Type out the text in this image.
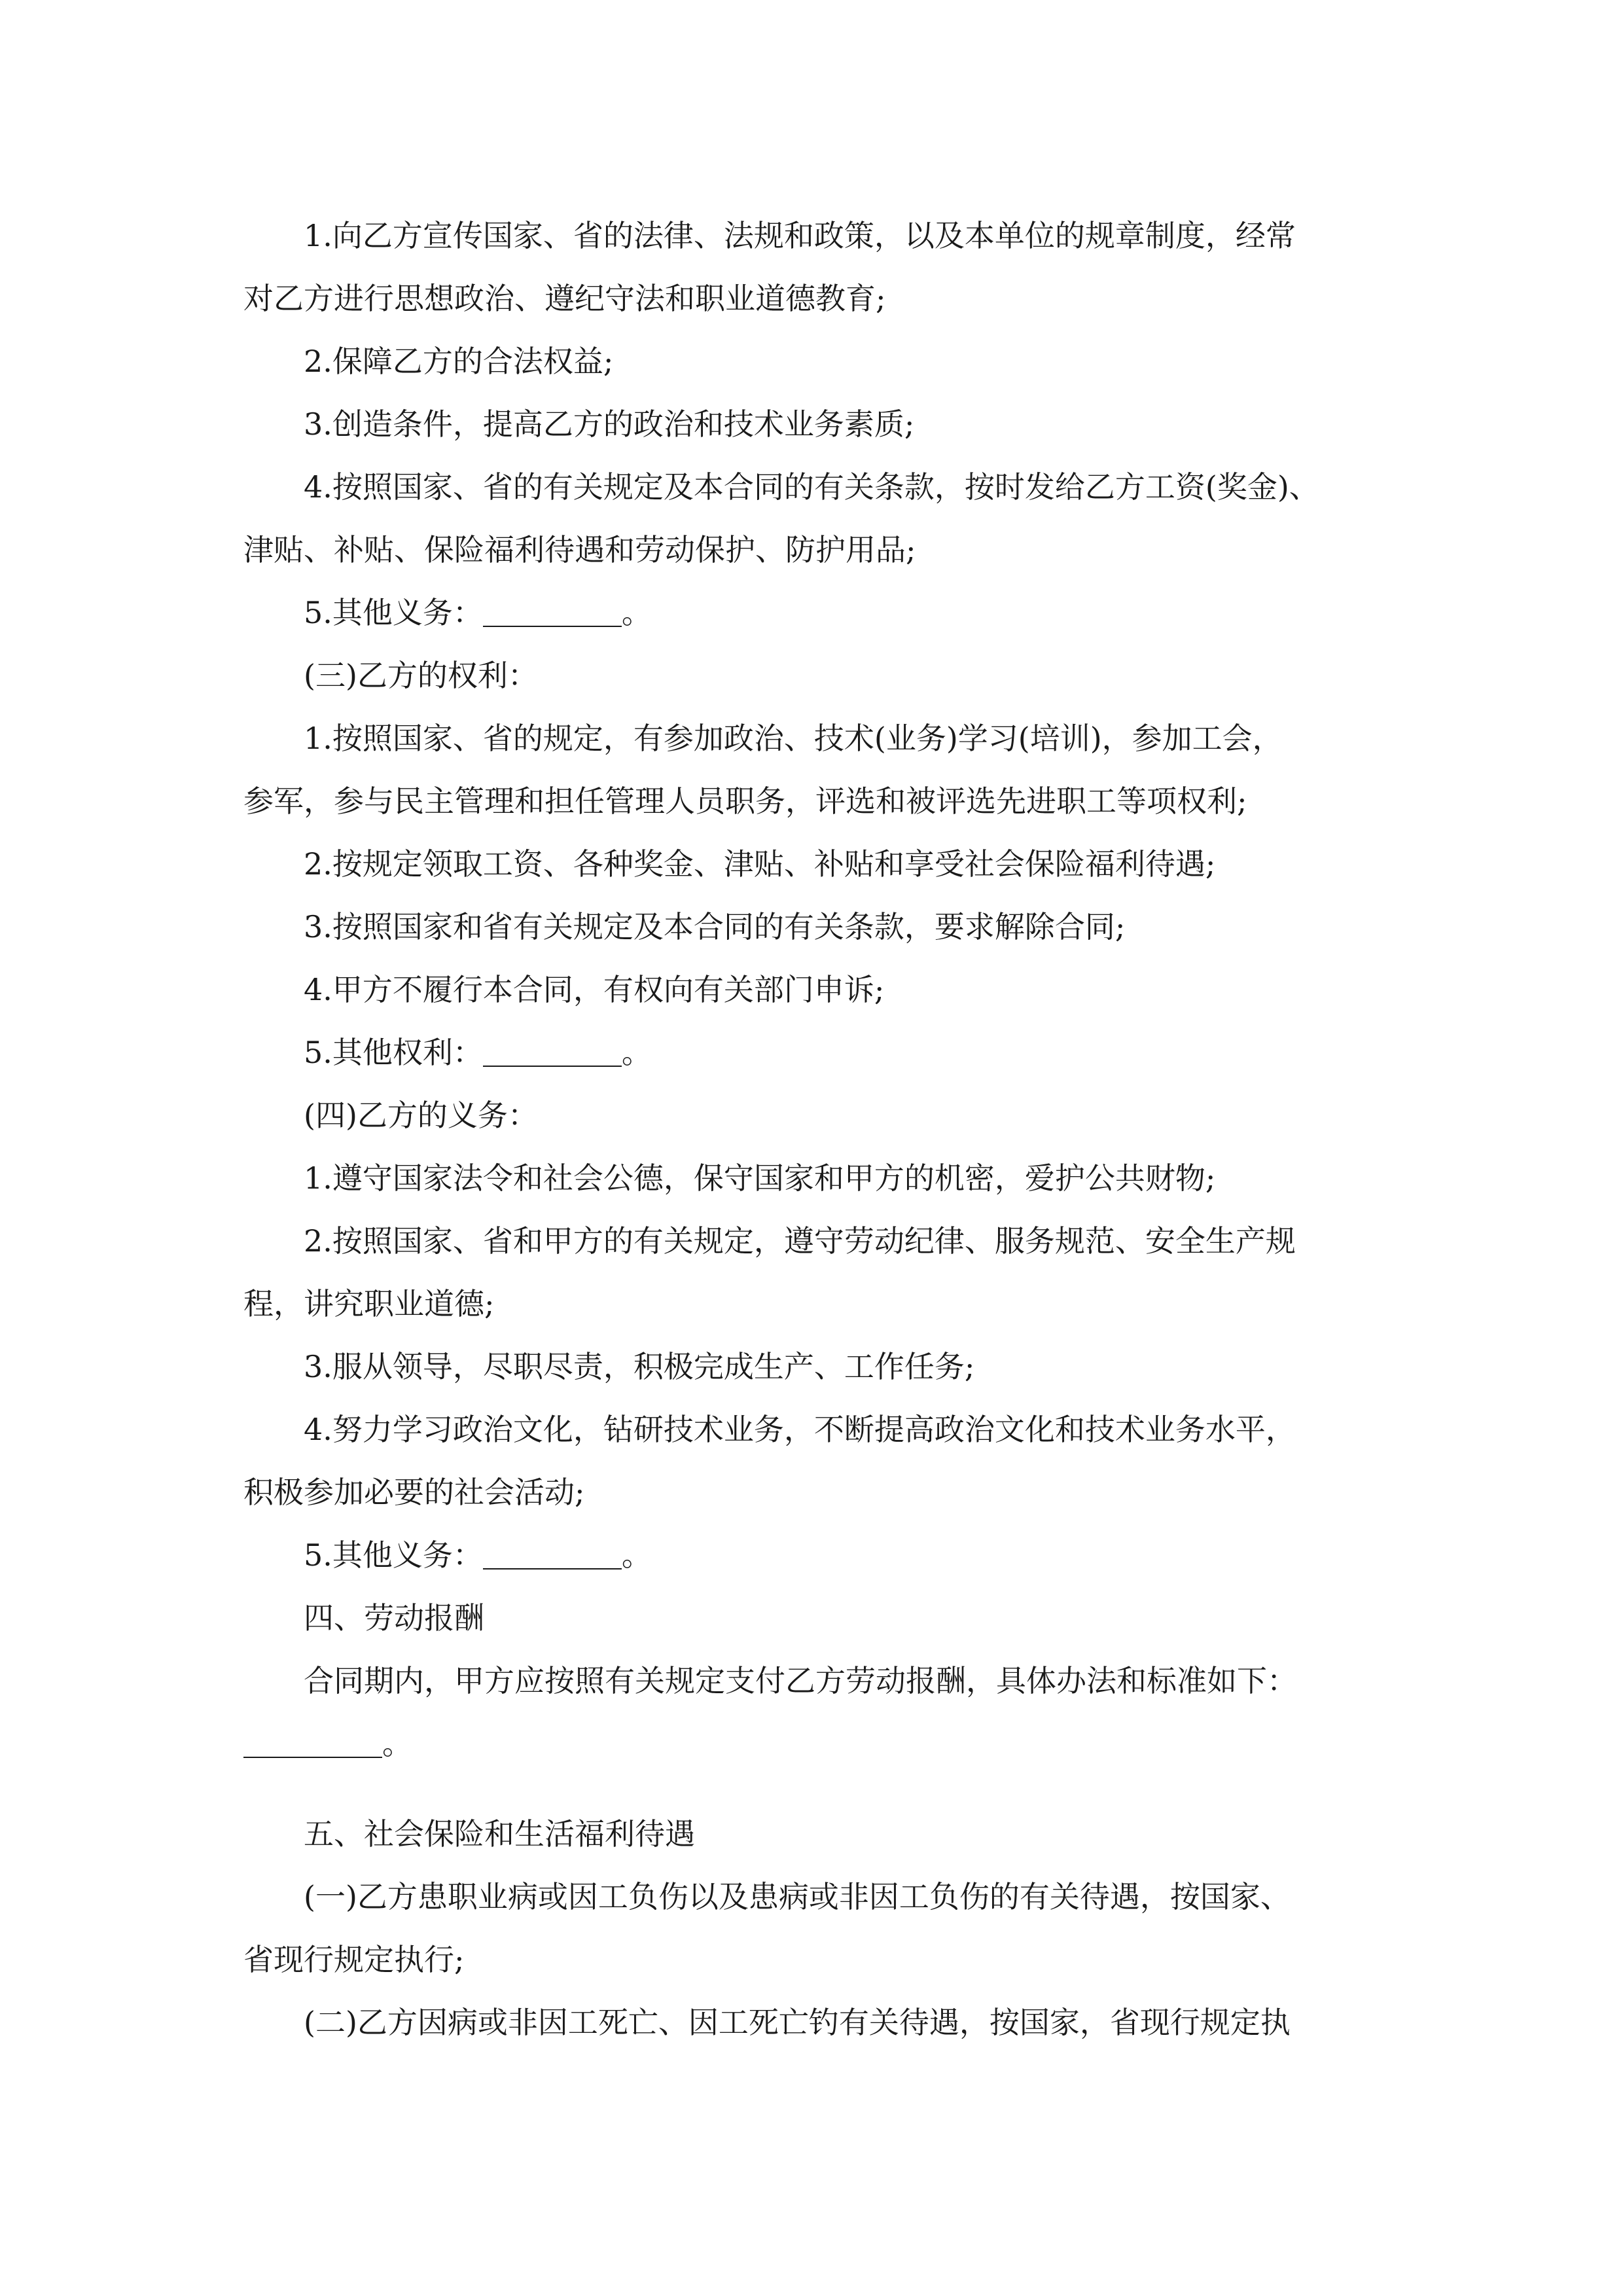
1.向乙方宣传国家、省的法律、法规和政策，以及本单位的规章制度，经常
对乙方进行思想政治、遵纪守法和职业道德教育;
2.保障乙方的合法权益;
3.创造条件，提高乙方的政治和技术业务素质;
4.按照国家、省的有关规定及本合同的有关条款，按时发给乙方工资(奖金)、
津贴、补贴、保险福利待遇和劳动保护、防护用品;
5.其他义务：	。
(三)乙方的权利：
1.按照国家、省的规定，有参加政治、技术(业务)学习(培训)，参加工会，
参军，参与民主管理和担任管理人员职务，评选和被评选先进职工等项权利;
2.按规定领取工资、各种奖金、津贴、补贴和享受社会保险福利待遇;
3.按照国家和省有关规定及本合同的有关条款，要求解除合同;
4.甲方不履行本合同，有权向有关部门申诉;
5.其他权利：	。
(四)乙方的义务：
1.遵守国家法令和社会公德，保守国家和甲方的机密，爱护公共财物;
2.按照国家、省和甲方的有关规定，遵守劳动纪律、服务规范、安全生产规
程，讲究职业道德;
3.服从领导，尽职尽责，积极完成生产、工作任务;
4.努力学习政治文化，钻研技术业务，不断提高政治文化和技术业务水平，
积极参加必要的社会活动;
5.其他义务：	。
四、劳动报酬
合同期内，甲方应按照有关规定支付乙方劳动报酬，具体办法和标准如下：
。
五、社会保险和生活福利待遇
(一)乙方患职业病或因工负伤以及患病或非因工负伤的有关待遇，按国家、
省现行规定执行;
(二)乙方因病或非因工死亡、因工死亡钓有关待遇，按国家，省现行规定执
